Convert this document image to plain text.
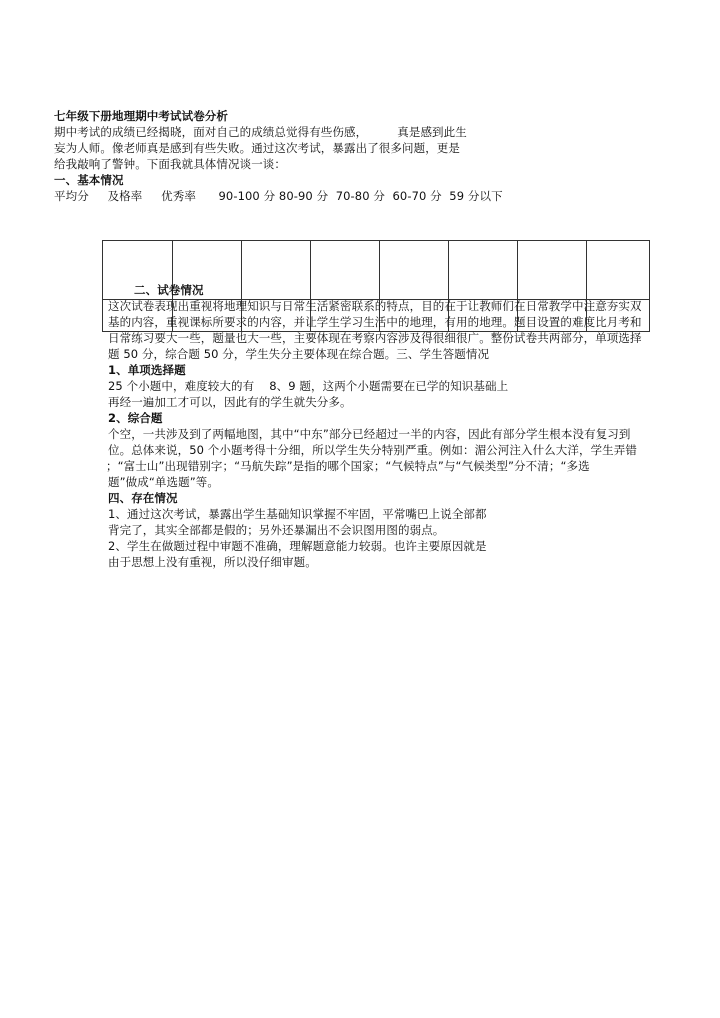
七年级下册地理期中考试试卷分析
期中考试的成绩已经揭晓，面对自己的成绩总觉得有些伤感，        真是感到此生
妄为人师。像老师真是感到有些失败。通过这次考试，暴露出了很多问题，更是
给我敲响了警钟。下面我就具体情况谈一谈：
一、基本情况
平均分     及格率     优秀率      90-100 分 80-90 分  70-80 分  60-70 分  59 分以下
二、试卷情况
这次试卷表现出重视将地理知识与日常生活紧密联系的特点，目的在于让教师们在日常教学中注意夯实双
基的内容，重视课标所要求的内容，并让学生学习生活中的地理，有用的地理。题目设置的难度比月考和
日常练习要大一些，题量也大一些，主要体现在考察内容涉及得很细很广。整份试卷共两部分，单项选择
题 50 分，综合题 50 分，学生失分主要体现在综合题。三、学生答题情况
1、单项选择题
25 个小题中，难度较大的有    8、9 题，这两个小题需要在已学的知识基础上
再经一遍加工才可以，因此有的学生就失分多。
2、综合题
个空，一共涉及到了两幅地图，其中“中东”部分已经超过一半的内容，因此有部分学生根本没有复习到
位。总体来说，50 个小题考得十分细，所以学生失分特别严重。例如：湄公河注入什么大洋，学生弄错
；“富士山”出现错别字；“马航失踪”是指的哪个国家；“气候特点”与“气候类型”分不清；“多选
题”做成“单选题”等。
四、存在情况
1、通过这次考试，暴露出学生基础知识掌握不牢固，平常嘴巴上说全部都
背完了，其实全部都是假的；另外还暴漏出不会识图用图的弱点。
2、学生在做题过程中审题不准确，理解题意能力较弱。也许主要原因就是
由于思想上没有重视，所以没仔细审题。
